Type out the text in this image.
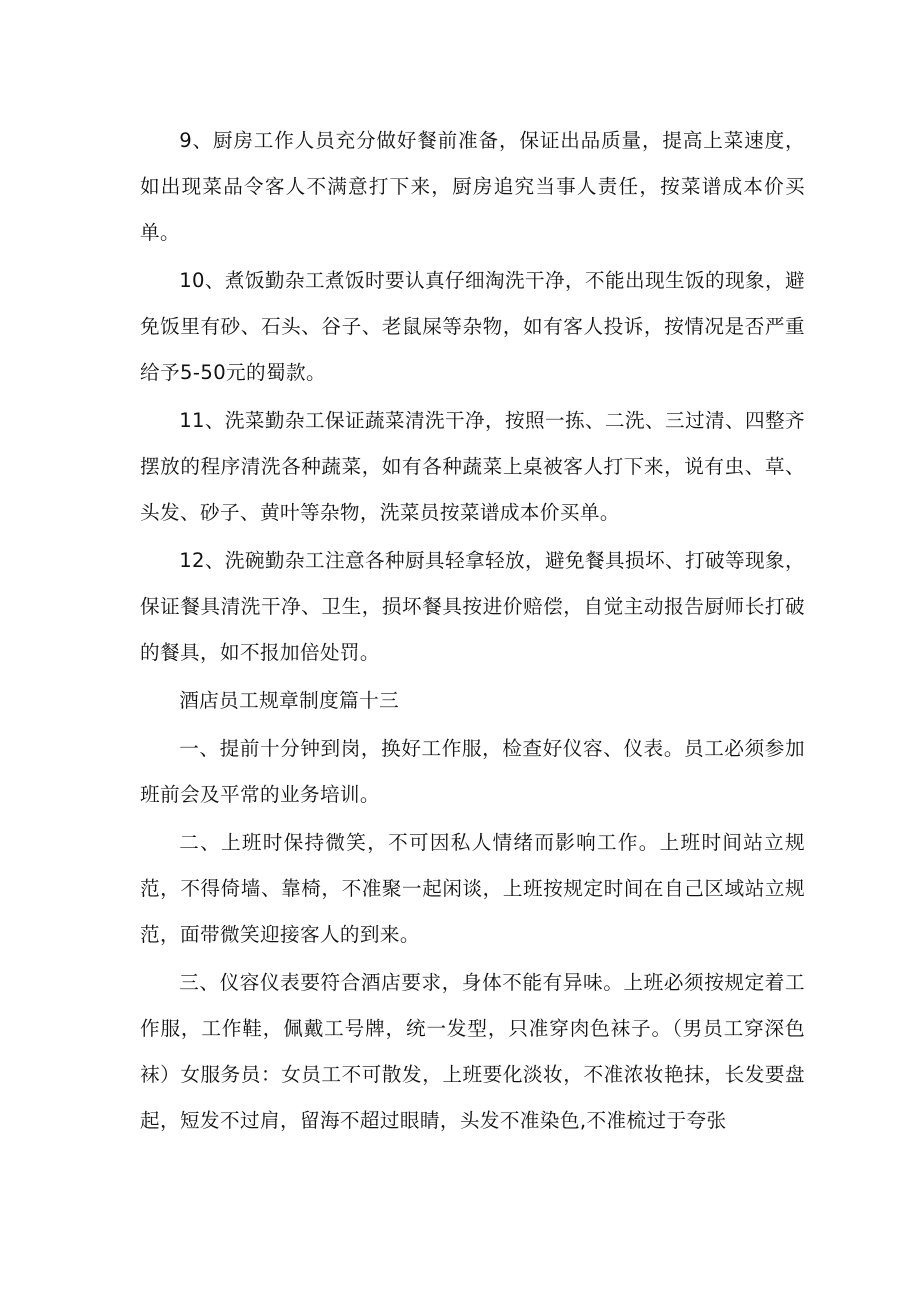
9、厨房工作人员充分做好餐前准备，保证出品质量，提高上菜速度，如出现菜品令客人不满意打下来，厨房追究当事人责任，按菜谱成本价买单。

10、煮饭勤杂工煮饭时要认真仔细淘洗干净，不能出现生饭的现象，避免饭里有砂、石头、谷子、老鼠屎等杂物，如有客人投诉，按情况是否严重给予5-50元的蜀款。

11、洗菜勤杂工保证蔬菜清洗干净，按照一拣、二洗、三过清、四整齐摆放的程序清洗各种蔬菜，如有各种蔬菜上桌被客人打下来，说有虫、草、头发、砂子、黄叶等杂物，洗菜员按菜谱成本价买单。

12、洗碗勤杂工注意各种厨具轻拿轻放，避免餐具损坏、打破等现象，保证餐具清洗干净、卫生，损坏餐具按进价赔偿，自觉主动报告厨师长打破的餐具，如不报加倍处罚。

酒店员工规章制度篇十三

一、提前十分钟到岗，换好工作服，检查好仪容、仪表。员工必须参加班前会及平常的业务培训。

二、上班时保持微笑，不可因私人情绪而影响工作。上班时间站立规范，不得倚墙、靠椅，不准聚一起闲谈，上班按规定时间在自己区域站立规范，面带微笑迎接客人的到来。

三、仪容仪表要符合酒店要求，身体不能有异味。上班必须按规定着工作服，工作鞋，佩戴工号牌，统一发型，只准穿肉色袜子。（男员工穿深色袜）女服务员：女员工不可散发，上班要化淡妆，不准浓妆艳抹，长发要盘起，短发不过肩，留海不超过眼睛，头发不准染色,不准梳过于夸张
